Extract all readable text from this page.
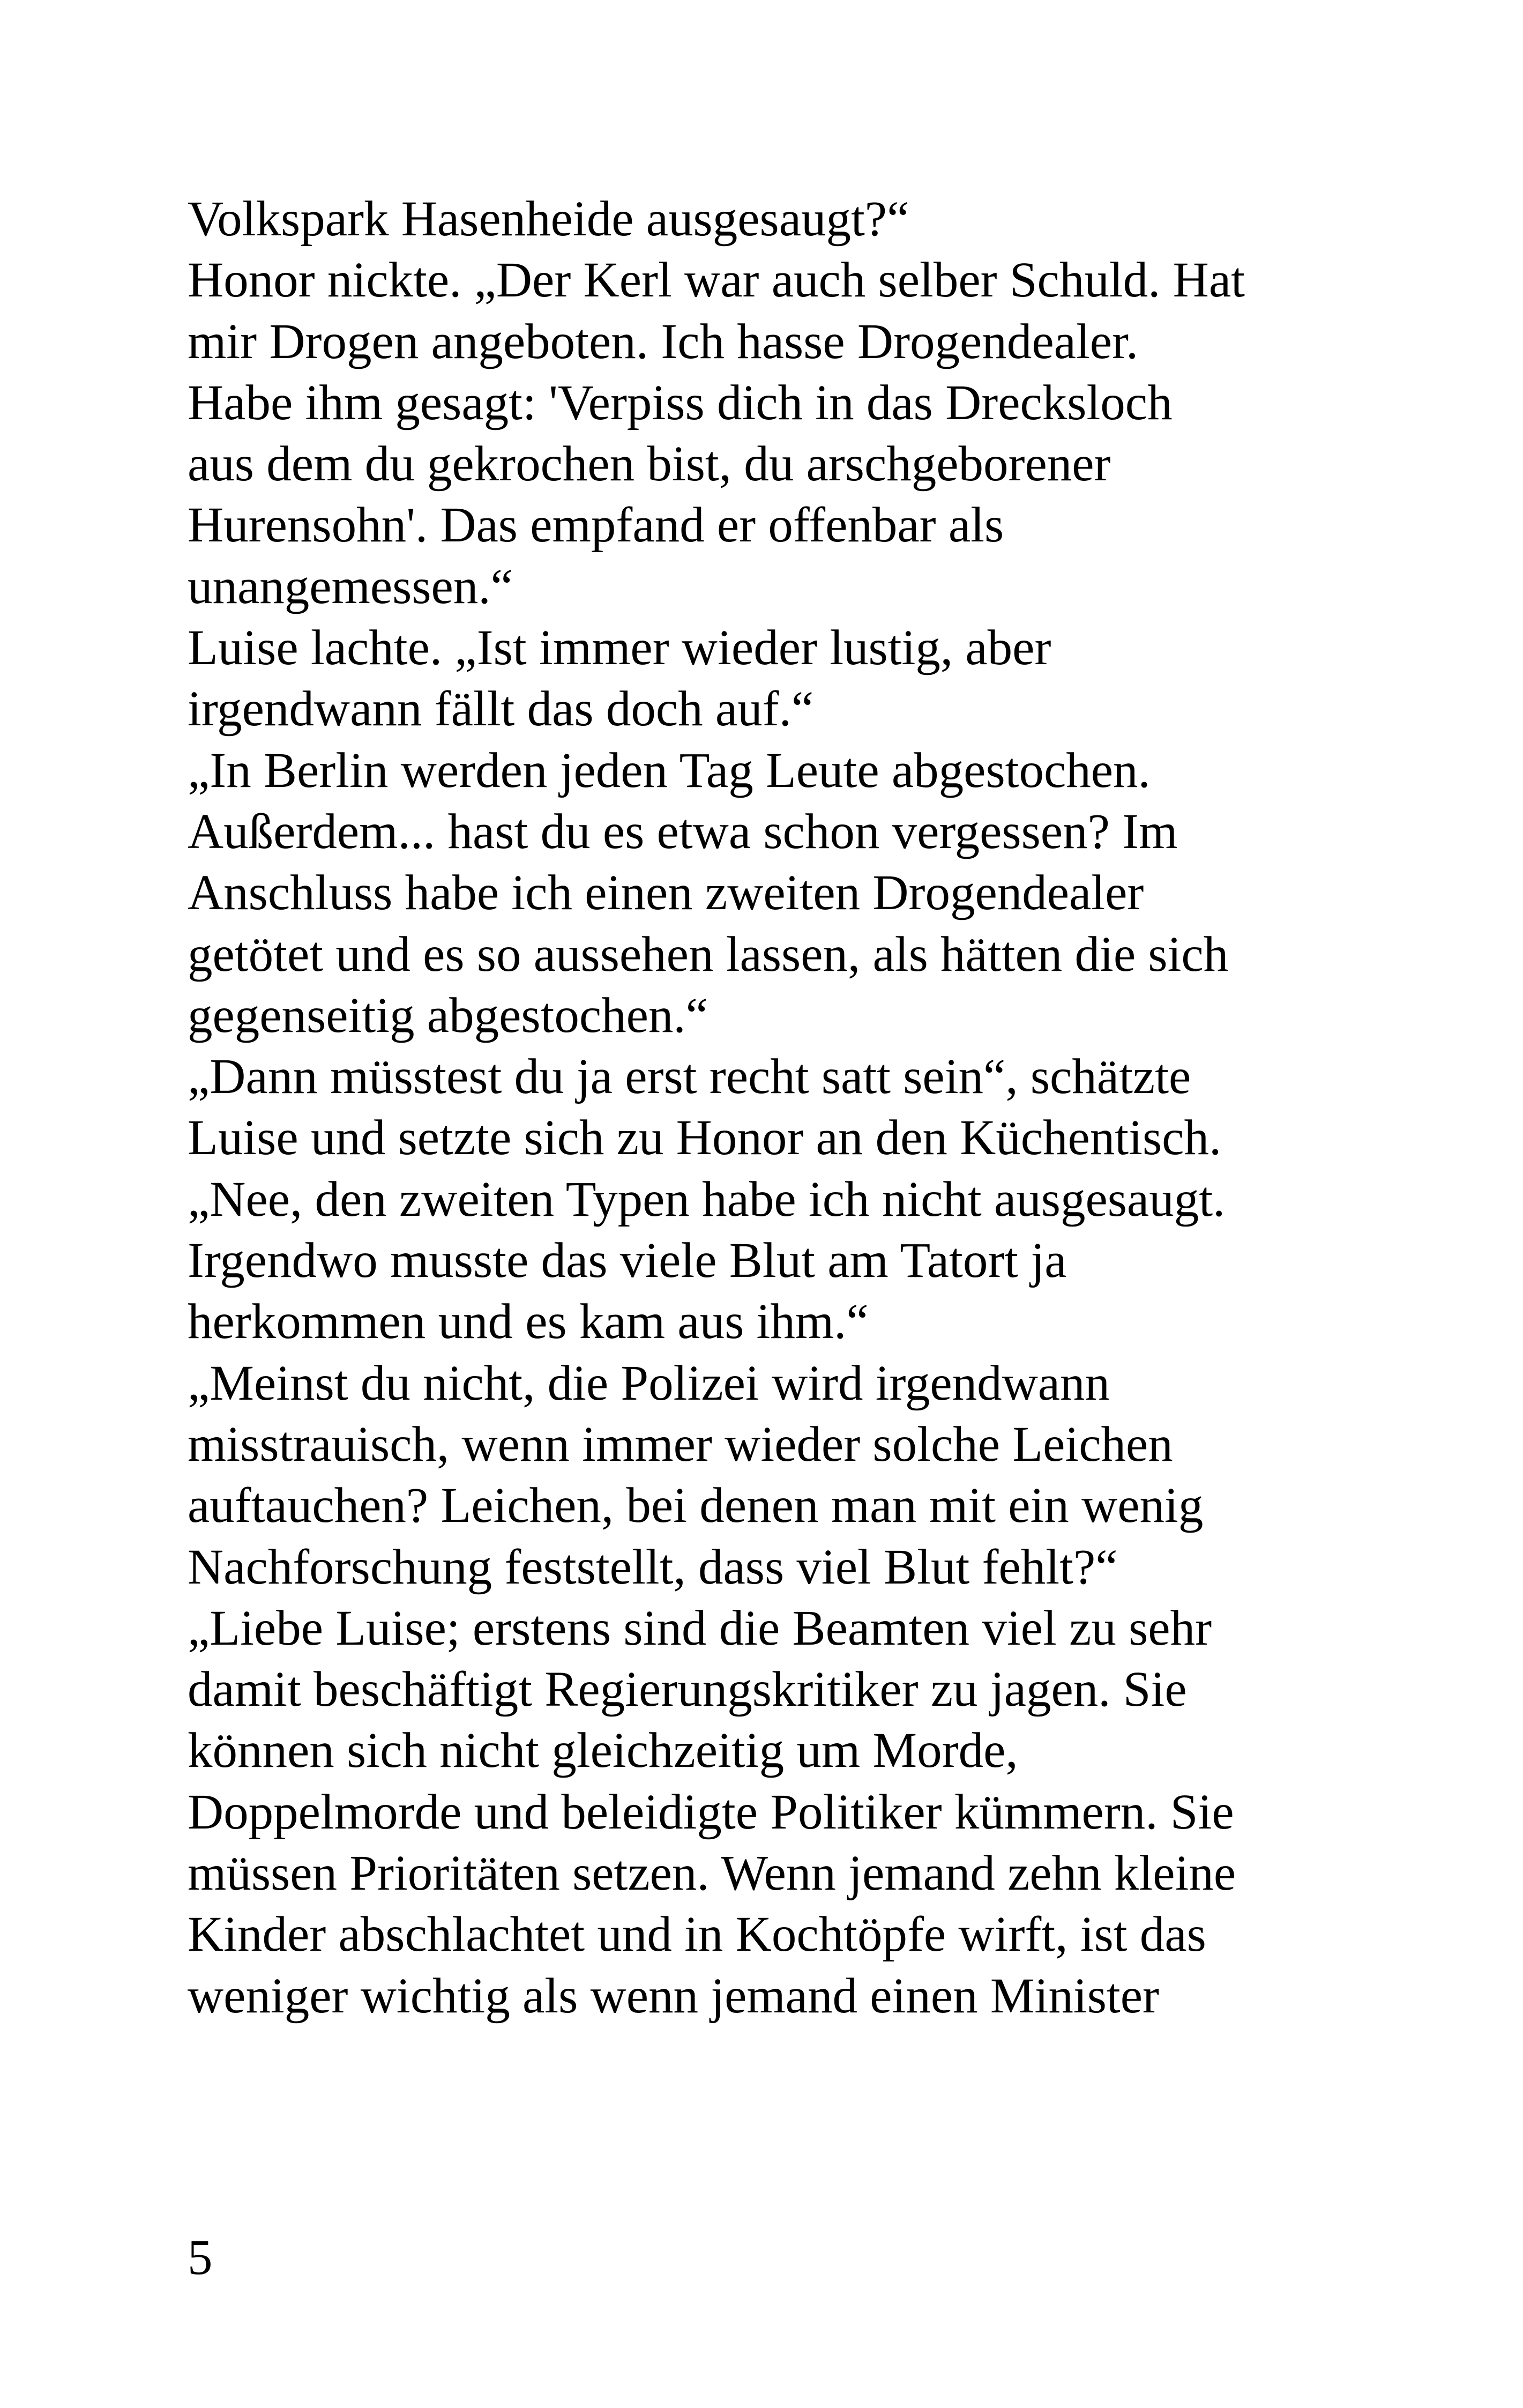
Volkspark Hasenheide ausgesaugt?“
Honor nickte. „Der Kerl war auch selber Schuld. Hat
mir Drogen angeboten. Ich hasse Drogendealer.
Habe ihm gesagt: 'Verpiss dich in das Drecksloch
aus dem du gekrochen bist, du arschgeborener
Hurensohn'. Das empfand er offenbar als
unangemessen.“
Luise lachte. „Ist immer wieder lustig, aber
irgendwann fällt das doch auf.“
„In Berlin werden jeden Tag Leute abgestochen.
Außerdem... hast du es etwa schon vergessen? Im
Anschluss habe ich einen zweiten Drogendealer
getötet und es so aussehen lassen, als hätten die sich
gegenseitig abgestochen.“
„Dann müsstest du ja erst recht satt sein“, schätzte
Luise und setzte sich zu Honor an den Küchentisch.
„Nee, den zweiten Typen habe ich nicht ausgesaugt.
Irgendwo musste das viele Blut am Tatort ja
herkommen und es kam aus ihm.“
„Meinst du nicht, die Polizei wird irgendwann
misstrauisch, wenn immer wieder solche Leichen
auftauchen? Leichen, bei denen man mit ein wenig
Nachforschung feststellt, dass viel Blut fehlt?“
„Liebe Luise; erstens sind die Beamten viel zu sehr
damit beschäftigt Regierungskritiker zu jagen. Sie
können sich nicht gleichzeitig um Morde,
Doppelmorde und beleidigte Politiker kümmern. Sie
müssen Prioritäten setzen. Wenn jemand zehn kleine
Kinder abschlachtet und in Kochtöpfe wirft, ist das
weniger wichtig als wenn jemand einen Minister
5
